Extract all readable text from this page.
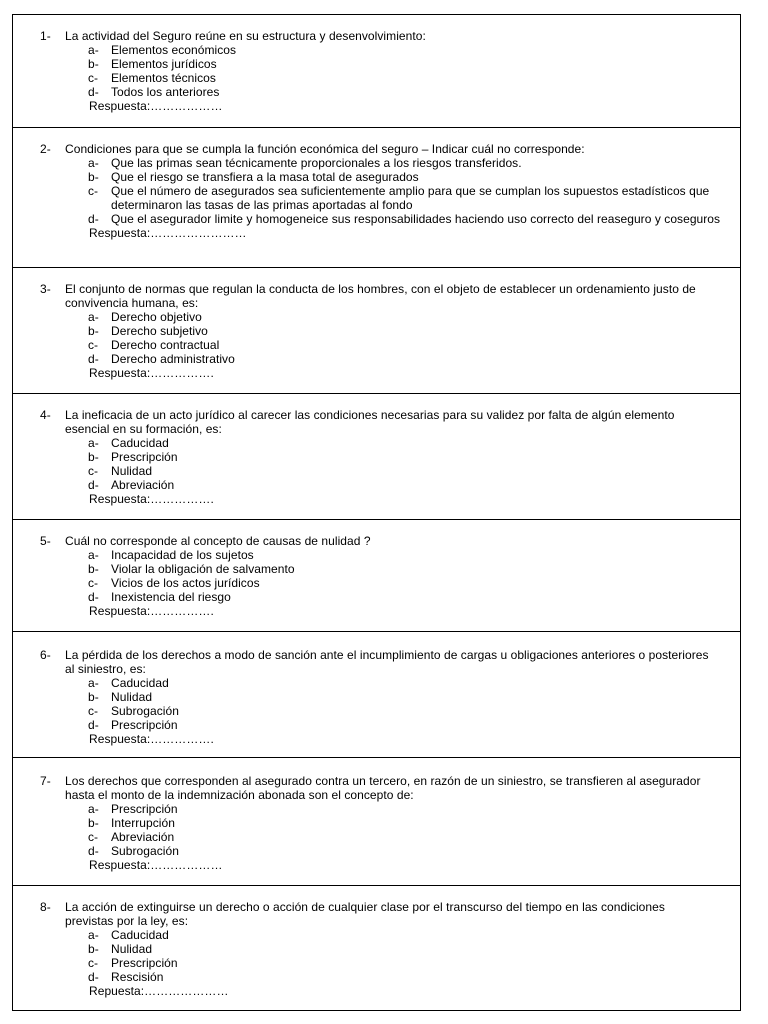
1- La actividad del Seguro reúne en su estructura y desenvolvimiento:
a- Elementos económicos
b- Elementos jurídicos
c- Elementos técnicos
d- Todos los anteriores
Respuesta:………………
2- Condiciones para que se cumpla la función económica del seguro – Indicar cuál no corresponde:
a- Que las primas sean técnicamente proporcionales a los riesgos transferidos.
b- Que el riesgo se transfiera a la masa total de asegurados
c- Que el número de asegurados sea suficientemente amplio para que se cumplan los supuestos estadísticos que determinaron las tasas de las primas aportadas al fondo
d- Que el asegurador limite y homogeneice sus responsabilidades haciendo uso correcto del reaseguro y coseguros
Respuesta:……………………
3- El conjunto de normas que regulan la conducta de los hombres, con el objeto de establecer un ordenamiento justo de convivencia humana, es:
a- Derecho objetivo
b- Derecho subjetivo
c- Derecho contractual
d- Derecho administrativo
Respuesta:…………….
4- La ineficacia de un acto jurídico al carecer las condiciones necesarias para su validez por falta de algún elemento esencial en su formación, es:
a- Caducidad
b- Prescripción
c- Nulidad
d- Abreviación
Respuesta:…………….
5- Cuál no corresponde al concepto de causas de nulidad ?
a- Incapacidad de los sujetos
b- Violar la obligación de salvamento
c- Vicios de los actos jurídicos
d- Inexistencia del riesgo
Respuesta:…………….
6- La pérdida de los derechos a modo de sanción ante el incumplimiento de cargas u obligaciones anteriores o posteriores al siniestro, es:
a- Caducidad
b- Nulidad
c- Subrogación
d- Prescripción
Respuesta:…………….
7- Los derechos que corresponden al asegurado contra un tercero, en razón de un siniestro, se transfieren al asegurador hasta el monto de la indemnización abonada son el concepto de:
a- Prescripción
b- Interrupción
c- Abreviación
d- Subrogación
Respuesta:………………
8- La acción de extinguirse un derecho o acción de cualquier clase por el transcurso del tiempo en las condiciones previstas por la ley, es:
a- Caducidad
b- Nulidad
c- Prescripción
d- Rescisión
Repuesta:…………………
